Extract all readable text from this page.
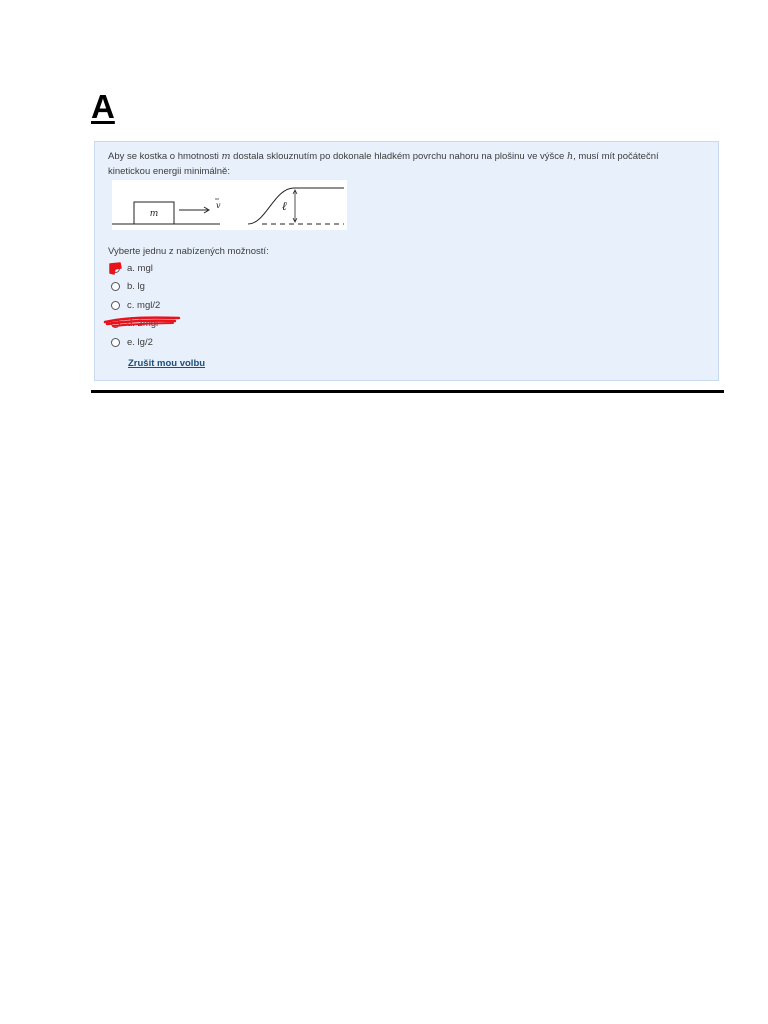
A
Aby se kostka o hmotnosti m dostala sklouznutím po dokonale hladkém povrchu nahoru na plošinu ve výšce h, musí mít počáteční kinetickou energii minimálně:
m
v	ℓ
Vyberte jednu z nabízených možností:
a. mgl
b. lg
c. mgl/2
d. 2mgl
e. lg/2
Zrušit mou volbu
